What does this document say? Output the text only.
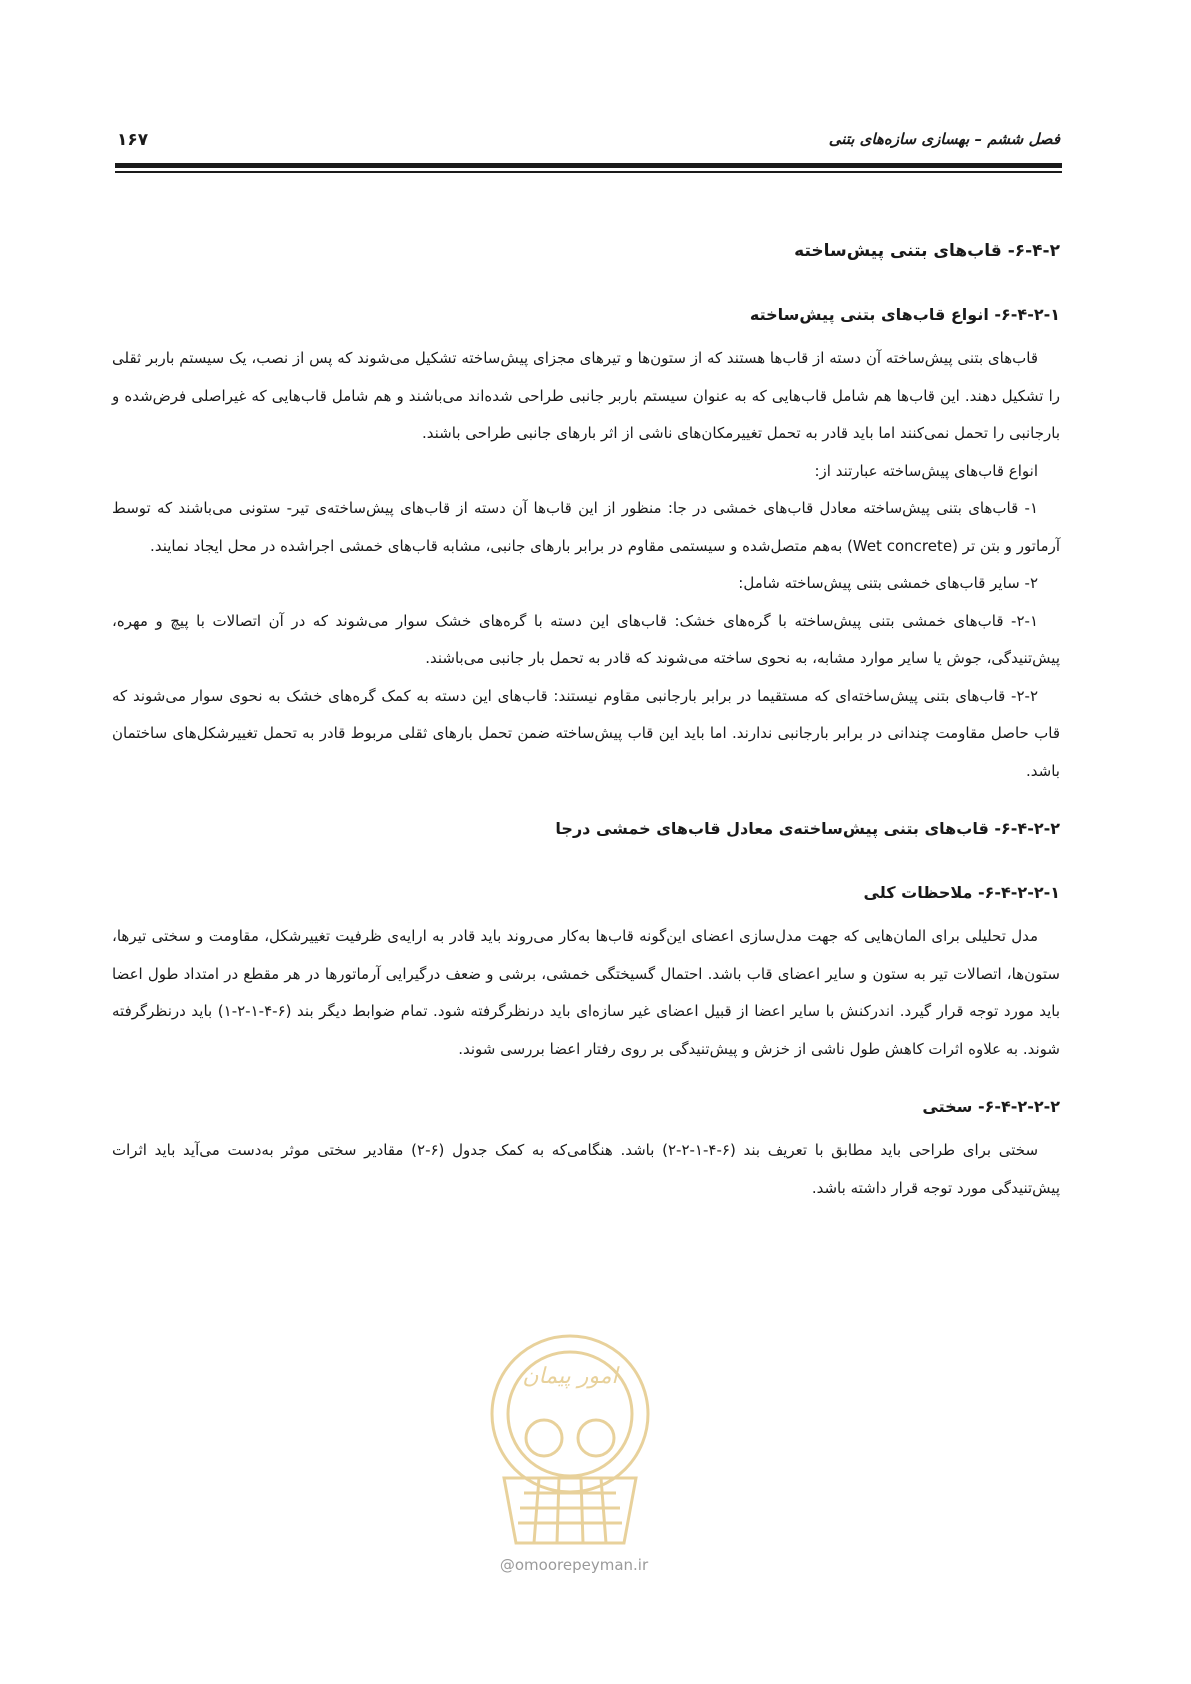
۱۶۷	فصل ششم – بهسازی سازه‌های بتنی
۶-۴-۲- قاب‌های بتنی پیش‌ساخته
۶-۴-۲-۱- انواع قاب‌های بتنی پیش‌ساخته

قاب‌های بتنی پیش‌ساخته آن دسته از قاب‌ها هستند که از ستون‌ها و تیرهای مجزای پیش‌ساخته تشکیل می‌شوند که پس از نصب، یک سیستم باربر ثقلی را تشکیل دهند. این قاب‌ها هم شامل قاب‌هایی که به عنوان سیستم باربر جانبی طراحی شده‌اند می‌باشند و هم شامل قاب‌هایی که غیراصلی فرض‌شده و بارجانبی را تحمل نمی‌کنند اما باید قادر به تحمل تغییرمکان‌های ناشی از اثر بارهای جانبی طراحی باشند.

انواع قاب‌های پیش‌ساخته عبارتند از:

۱- قاب‌های بتنی پیش‌ساخته معادل قاب‌های خمشی در جا: منظور از این قاب‌ها آن دسته از قاب‌های پیش‌ساخته‌ی تیر- ستونی می‌باشند که توسط آرماتور و بتن تر (Wet concrete) به‌هم متصل‌شده و سیستمی مقاوم در برابر بارهای جانبی، مشابه قاب‌های خمشی اجراشده در محل ایجاد نمایند.

۲- سایر قاب‌های خمشی بتنی پیش‌ساخته شامل:

۲-۱- قاب‌های خمشی بتنی پیش‌ساخته با گره‌های خشک: قاب‌های این دسته با گره‌های خشک سوار می‌شوند که در آن اتصالات با پیچ و مهره، پیش‌تنیدگی، جوش یا سایر موارد مشابه، به نحوی ساخته می‌شوند که قادر به تحمل بار جانبی می‌باشند.

۲-۲- قاب‌های بتنی پیش‌ساخته‌ای که مستقیما در برابر بارجانبی مقاوم نیستند: قاب‌های این دسته به کمک گره‌های خشک به نحوی سوار می‌شوند که قاب حاصل مقاومت چندانی در برابر بارجانبی ندارند. اما باید این قاب پیش‌ساخته ضمن تحمل بارهای ثقلی مربوط قادر به تحمل تغییرشکل‌های ساختمان باشد.

۶-۴-۲-۲- قاب‌های بتنی پیش‌ساخته‌ی معادل قاب‌های خمشی درجا
۶-۴-۲-۲-۱- ملاحظات کلی

مدل تحلیلی برای المان‌هایی که جهت مدل‌سازی اعضای این‌گونه قاب‌ها به‌کار می‌روند باید قادر به ارایه‌ی ظرفیت تغییرشکل، مقاومت و سختی تیرها، ستون‌ها، اتصالات تیر به ستون و سایر اعضای قاب باشد. احتمال گسیختگی خمشی، برشی و ضعف درگیرایی آرماتورها در هر مقطع در امتداد طول اعضا باید مورد توجه قرار گیرد. اندرکنش با سایر اعضا از قبیل اعضای غیر سازه‌ای باید درنظرگرفته شود. تمام ضوابط دیگر بند (۶-۴-۱-۲-۱) باید درنظرگرفته شوند. به علاوه اثرات کاهش طول ناشی از خزش و پیش‌تنیدگی بر روی رفتار اعضا بررسی شوند.

۶-۴-۲-۲-۲- سختی

سختی برای طراحی باید مطابق با تعریف بند (۶-۴-۱-۲-۲) باشد. هنگامی‌که به کمک جدول (۶-۲) مقادیر سختی موثر به‌دست می‌آید باید اثرات پیش‌تنیدگی مورد توجه قرار داشته باشد.

امور پیمان
@omoorepeyman.ir
